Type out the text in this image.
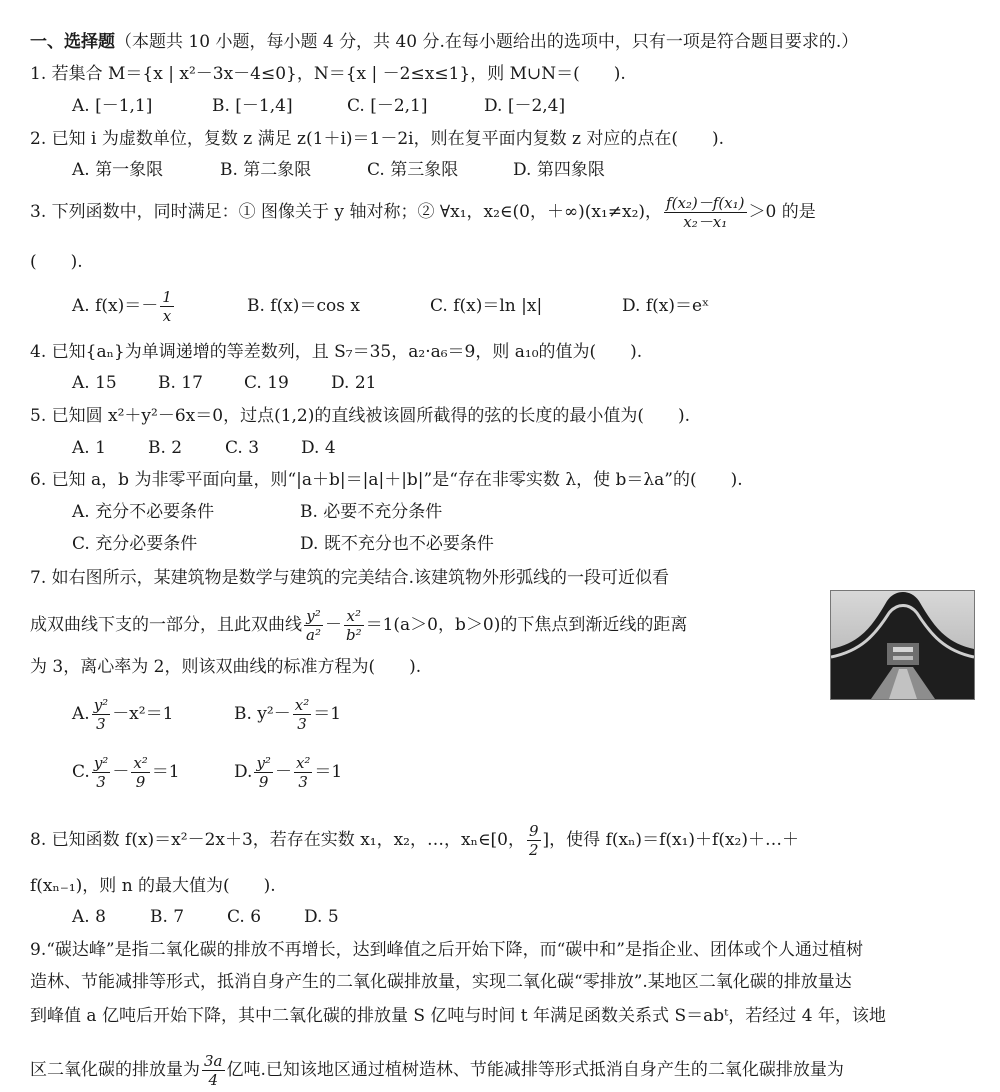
一、选择题（本题共 10 小题，每小题 4 分，共 40 分.在每小题给出的选项中，只有一项是符合题目要求的.）
1. 若集合 M＝{x | x²－3x－4≤0}，N＝{x | －2≤x≤1}，则 M∪N＝(　　).
A. [－1,1]	B. [－1,4]	C. [－2,1]	D. [－2,4]
2. 已知 i 为虚数单位，复数 z 满足 z(1＋i)＝1－2i，则在复平面内复数 z 对应的点在(　　).
A. 第一象限	B. 第二象限	C. 第三象限	D. 第四象限
3. 下列函数中，同时满足：① 图像关于 y 轴对称；② ∀x₁，x₂∈(0，＋∞)(x₁≠x₂)， $\frac{\text{f(x₂)－f(x₁)}}{\text{x₂－x₁}} >0$ 的是
(　　).
A. $f(x)=- \frac{1}{x}$	B. f(x)＝cos x	C. f(x)＝ln |x|	D. f(x)＝eˣ
4. 已知{aₙ}为单调递增的等差数列，且 S₇＝35，a₂·a₆＝9，则 a₁₀的值为(　　).
A. 15 B. 17 C. 19 D. 21
5. 已知圆 x²＋y²－6x＝0，过点(1,2)的直线被该圆所截得的弦的长度的最小值为(　　).
A. 1 B. 2	C. 3 D. 4
6. 已知 a，b 为非零平面向量，则“|a＋b|＝|a|＋|b|”是“存在非零实数 λ，使 b＝λa”的(　　).
A. 充分不必要条件	B. 必要不充分条件
C. 充分必要条件	D. 既不充分也不必要条件
7. 如右图所示，某建筑物是数学与建筑的完美结合.该建筑物外形弧线的一段可近似看
成双曲线下支的一部分，且此双曲线 $\frac{\text{y²}}{\text{a²}} - \frac{\text{x²}}{\text{b²}} =1(a>0$，b＞0)的下焦点到渐近线的距离
为 3，离心率为 2，则该双曲线的标准方程为(　　).
A. $\frac{\text{y²}}{3} -x^2=1$	B. $y^2- \frac{\text{x²}}{3} =1$
C. $\frac{\text{y²}}{3} - \frac{\text{x²}}{9} =1$	D. $\frac{\text{y²}}{9} - \frac{\text{x²}}{3} =1$
8. 已知函数 f(x)＝x²－2x＋3，若存在实数 x₁，x₂，…，xₙ∈[0， $\frac{9}{2}$ ]，使得 f(xₙ)＝f(x₁)＋f(x₂)＋…＋
f(xₙ₋₁)，则 n 的最大值为(　　).
A. 8	B. 7	C. 6	D. 5
9.“碳达峰”是指二氧化碳的排放不再增长，达到峰值之后开始下降，而“碳中和”是指企业、团体或个人通过植树
造林、节能减排等形式，抵消自身产生的二氧化碳排放量，实现二氧化碳“零排放”.某地区二氧化碳的排放量达
到峰值 a 亿吨后开始下降，其中二氧化碳的排放量 S 亿吨与时间 t 年满足函数关系式 S＝abᵗ，若经过 4 年，该地
区二氧化碳的排放量为 $\frac{3a}{4}$ 亿吨.已知该地区通过植树造林、节能减排等形式抵消自身产生的二氧化碳排放量为
